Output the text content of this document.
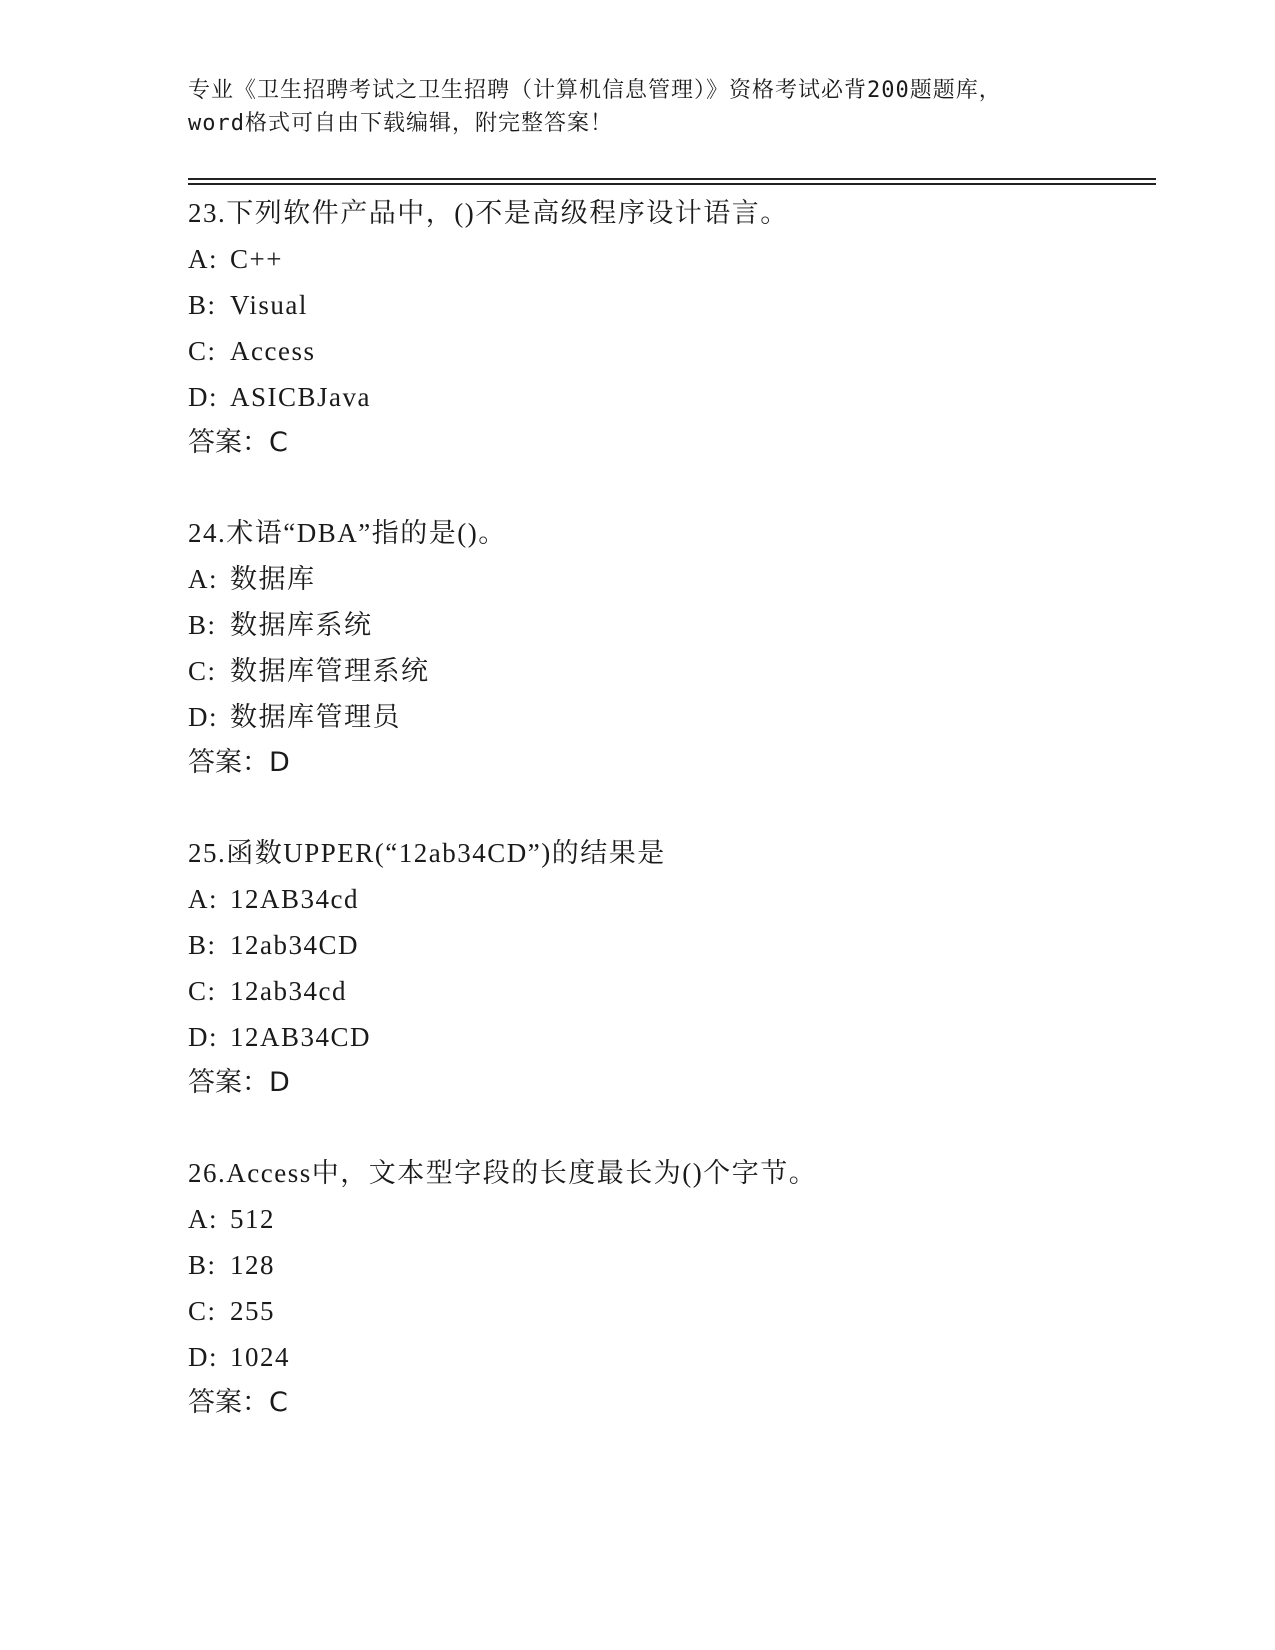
专业《卫生招聘考试之卫生招聘（计算机信息管理）》资格考试必背200题题库，
word格式可自由下载编辑，附完整答案！
23.下列软件产品中，()不是高级程序设计语言。
A: C++
B: Visual
C: Access
D: ASICBJava
答案：C
24.术语“DBA”指的是()。
A: 数据库
B: 数据库系统
C: 数据库管理系统
D: 数据库管理员
答案：D
25.函数UPPER(“12ab34CD”)的结果是
A: 12AB34cd
B: 12ab34CD
C: 12ab34cd
D: 12AB34CD
答案：D
26.Access中，文本型字段的长度最长为()个字节。
A: 512
B: 128
C: 255
D: 1024
答案：C
